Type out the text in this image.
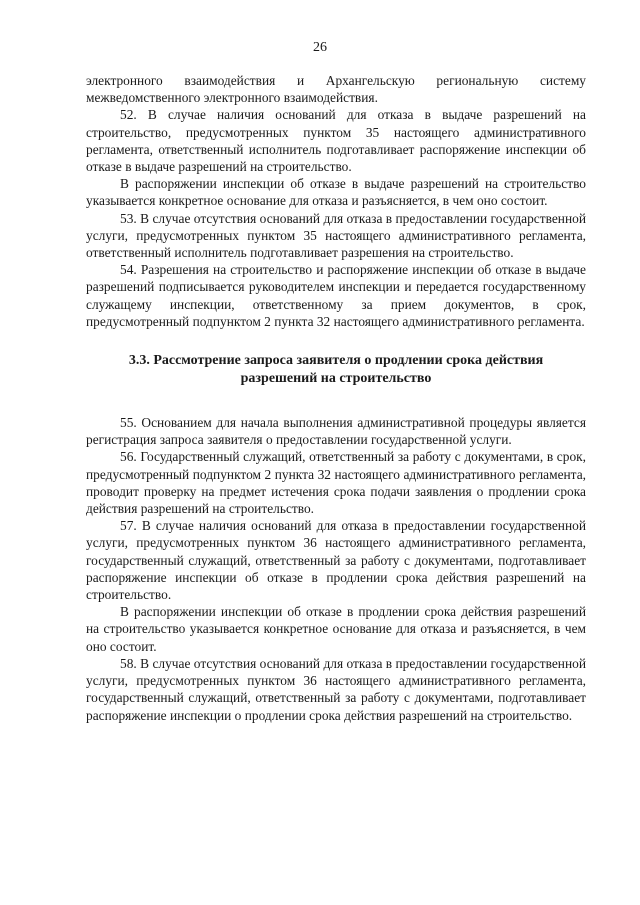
26

электронного взаимодействия и Архангельскую региональную систему межведомственного электронного взаимодействия.

52. В случае наличия оснований для отказа в выдаче разрешений на строительство, предусмотренных пунктом 35 настоящего административного регламента, ответственный исполнитель подготавливает распоряжение инспекции об отказе в выдаче разрешений на строительство.

В распоряжении инспекции об отказе в выдаче разрешений на строительство указывается конкретное основание для отказа и разъясняется, в чем оно состоит.

53. В случае отсутствия оснований для отказа в предоставлении государственной услуги, предусмотренных пунктом 35 настоящего административного регламента, ответственный исполнитель подготавливает разрешения на строительство.

54. Разрешения на строительство и распоряжение инспекции об отказе в выдаче разрешений подписывается руководителем инспекции и передается государственному служащему инспекции, ответственному за прием документов, в срок, предусмотренный подпунктом 2 пункта 32 настоящего административного регламента.

3.3. Рассмотрение запроса заявителя о продлении срока действия
разрешений на строительство

55. Основанием для начала выполнения административной процедуры является регистрация запроса заявителя о предоставлении государственной услуги.

56. Государственный служащий, ответственный за работу с документами, в срок, предусмотренный подпунктом 2 пункта 32 настоящего административного регламента, проводит проверку на предмет истечения срока подачи заявления о продлении срока действия разрешений на строительство.

57. В случае наличия оснований для отказа в предоставлении государственной услуги, предусмотренных пунктом 36 настоящего административного регламента, государственный служащий, ответственный за работу с документами, подготавливает распоряжение инспекции об отказе в продлении срока действия разрешений на строительство.

В распоряжении инспекции об отказе в продлении срока действия разрешений на строительство указывается конкретное основание для отказа и разъясняется, в чем оно состоит.

58. В случае отсутствия оснований для отказа в предоставлении государственной услуги, предусмотренных пунктом 36 настоящего административного регламента, государственный служащий, ответственный за работу с документами, подготавливает распоряжение инспекции о продлении срока действия разрешений на строительство.
